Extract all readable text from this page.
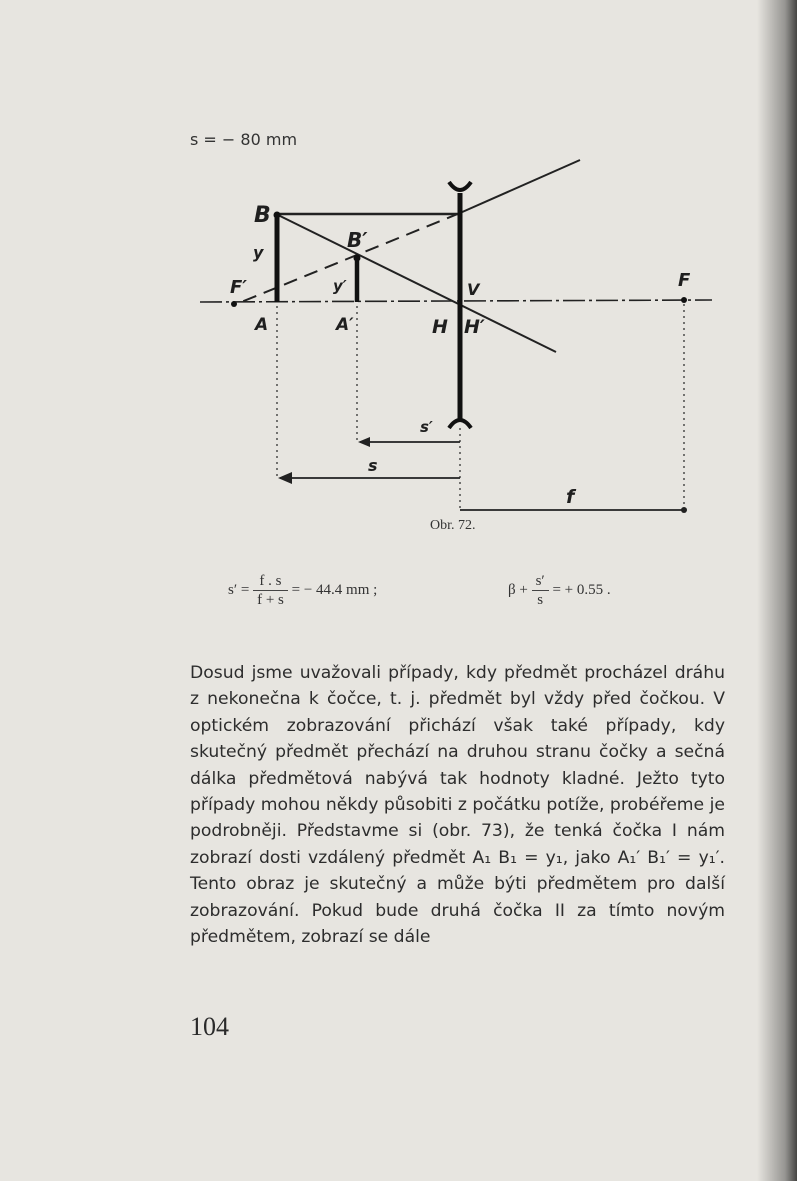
s = − 80 mm
B
y
B′
y′
F′
A	A′
V
H H′
F
s′
s
f
Obr. 72.
$s' = \frac{f . s}{f + s}$ = − 44.4 mm ;	$\beta + \frac{s'}{s}$ = + 0.55 .

Dosud jsme uvažovali případy, kdy předmět procházel dráhu z nekonečna k čočce, t. j. předmět byl vždy před čočkou. V optickém zobrazování přichází však také případy, kdy skutečný předmět přechází na druhou stranu čočky a sečná dálka předmětová nabývá tak hodnoty kladné. Ježto tyto případy mohou někdy působiti z počátku potíže, probéřeme je podrobněji. Představme si (obr. 73), že tenká čočka I nám zobrazí dosti vzdálený předmět A₁ B₁ = y₁, jako A₁′ B₁′ = y₁′. Tento obraz je skutečný a může býti předmětem pro další zobrazování. Pokud bude druhá čočka II za tímto novým předmětem, zobrazí se dále

104
